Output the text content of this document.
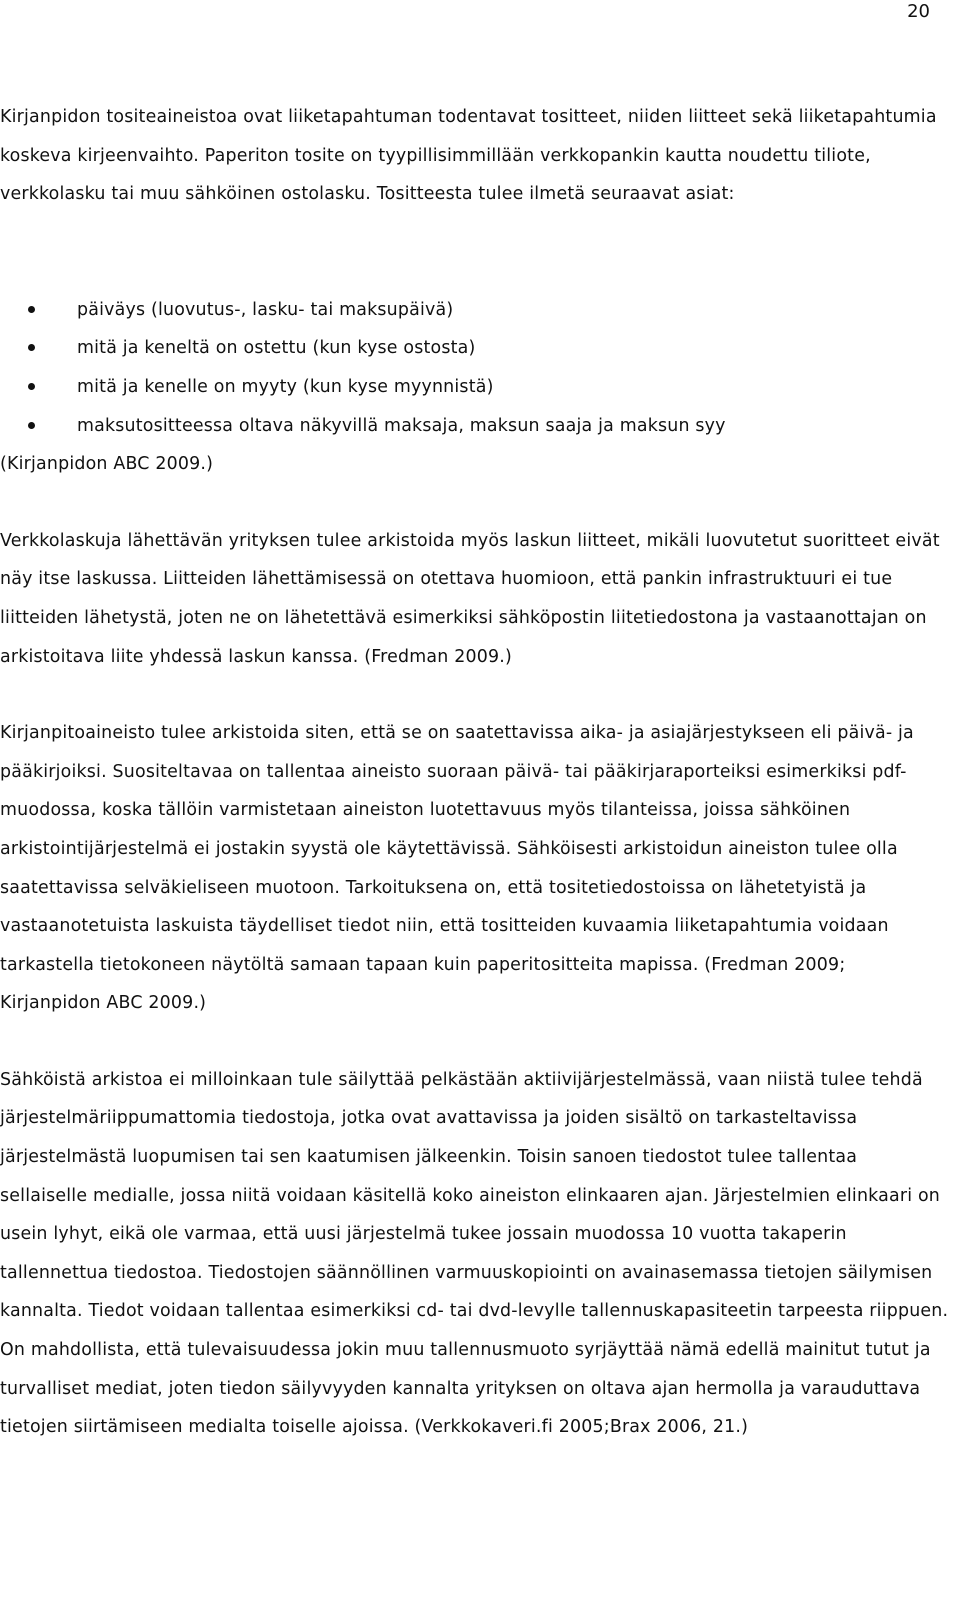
20

Kirjanpidon tositeaineistoa ovat liiketapahtuman todentavat tositteet, niiden liitteet sekä liiketapahtumia koskeva kirjeenvaihto. Paperiton tosite on tyypillisimmillään verkkopankin kautta noudettu tiliote, verkkolasku tai muu sähköinen ostolasku. Tositteesta tulee ilmetä seuraavat asiat:

päiväys (luovutus-, lasku- tai maksupäivä)
mitä ja keneltä on ostettu (kun kyse ostosta)
mitä ja kenelle on myyty (kun kyse myynnistä)
maksutositteessa oltava näkyvillä maksaja, maksun saaja ja maksun syy

(Kirjanpidon ABC 2009.)

Verkkolaskuja lähettävän yrityksen tulee arkistoida myös laskun liitteet, mikäli luovutetut suoritteet eivät näy itse laskussa. Liitteiden lähettämisessä on otettava huomioon, että pankin infrastruktuuri ei tue liitteiden lähetystä, joten ne on lähetettävä esimerkiksi sähköpostin liitetiedostona ja vastaanottajan on arkistoitava liite yhdessä laskun kanssa. (Fredman 2009.)

Kirjanpitoaineisto tulee arkistoida siten, että se on saatettavissa aika- ja asiajärjestykseen eli päivä- ja pääkirjoiksi. Suositeltavaa on tallentaa aineisto suoraan päivä- tai pääkirjaraporteiksi esimerkiksi pdf-muodossa, koska tällöin varmistetaan aineiston luotettavuus myös tilanteissa, joissa sähköinen arkistointijärjestelmä ei jostakin syystä ole käytettävissä. Sähköisesti arkistoidun aineiston tulee olla saatettavissa selväkieliseen muotoon. Tarkoituksena on, että tositetiedostoissa on lähetetyistä ja vastaanotetuista laskuista täydelliset tiedot niin, että tositteiden kuvaamia liiketapahtumia voidaan tarkastella tietokoneen näytöltä samaan tapaan kuin paperitositteita mapissa. (Fredman 2009; Kirjanpidon ABC 2009.)

Sähköistä arkistoa ei milloinkaan tule säilyttää pelkästään aktiivijärjestelmässä, vaan niistä tulee tehdä järjestelmäriippumattomia tiedostoja, jotka ovat avattavissa ja joiden sisältö on tarkasteltavissa järjestelmästä luopumisen tai sen kaatumisen jälkeenkin. Toisin sanoen tiedostot tulee tallentaa sellaiselle medialle, jossa niitä voidaan käsitellä koko aineiston elinkaaren ajan. Järjestelmien elinkaari on usein lyhyt, eikä ole varmaa, että uusi järjestelmä tukee jossain muodossa 10 vuotta takaperin tallennettua tiedostoa. Tiedostojen säännöllinen varmuuskopiointi on avainasemassa tietojen säilymisen kannalta. Tiedot voidaan tallentaa esimerkiksi cd- tai dvd-levylle tallennuskapasiteetin tarpeesta riippuen. On mahdollista, että tulevaisuudessa jokin muu tallennusmuoto syrjäyttää nämä edellä mainitut tutut ja turvalliset mediat, joten tiedon säilyvyyden kannalta yrityksen on oltava ajan hermolla ja varauduttava tietojen siirtämiseen medialta toiselle ajoissa. (Verkkokaveri.fi 2005;Brax 2006, 21.)
